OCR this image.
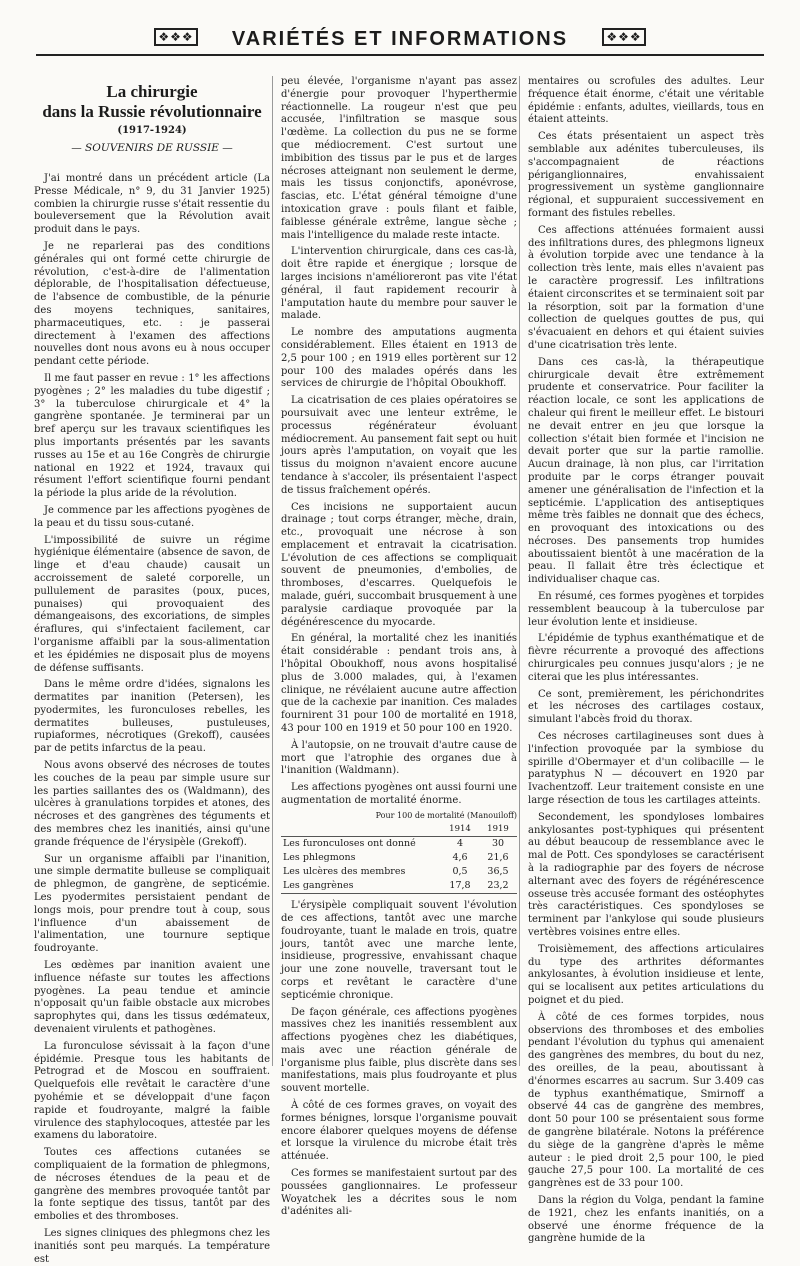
❖❖❖	VARIÉTÉS ET INFORMATIONS	❖❖❖
La chirurgie
dans la Russie révolutionnaire
(1917-1924)
— SOUVENIRS DE RUSSIE —

J'ai montré dans un précédent article (La Presse Médicale, n° 9, du 31 Janvier 1925) combien la chirurgie russe s'était ressentie du bouleversement que la Révolution avait produit dans le pays.

Je ne reparlerai pas des conditions générales qui ont formé cette chirurgie de révolution, c'est-à-dire de l'alimentation déplorable, de l'hospitalisation défectueuse, de l'absence de combustible, de la pénurie des moyens techniques, sanitaires, pharmaceutiques, etc. : je passerai directement à l'examen des affections nouvelles dont nous avons eu à nous occuper pendant cette période.

Il me faut passer en revue : 1° les affections pyogènes ; 2° les maladies du tube digestif ; 3° la tuberculose chirurgicale et 4° la gangrène spontanée. Je terminerai par un bref aperçu sur les travaux scientifiques les plus importants présentés par les savants russes au 15e et au 16e Congrès de chirurgie national en 1922 et 1924, travaux qui résument l'effort scientifique fourni pendant la période la plus aride de la révolution.

Je commence par les affections pyogènes de la peau et du tissu sous-cutané.

L'impossibilité de suivre un régime hygiénique élémentaire (absence de savon, de linge et d'eau chaude) causait un accroissement de saleté corporelle, un pullulement de parasites (poux, puces, punaises) qui provoquaient des démangeaisons, des excoriations, de simples éraflures, qui s'infectaient facilement, car l'organisme affaibli par la sous-alimentation et les épidémies ne disposait plus de moyens de défense suffisants.

Dans le même ordre d'idées, signalons les dermatites par inanition (Petersen), les pyodermites, les furonculoses rebelles, les dermatites bulleuses, pustuleuses, rupiaformes, nécrotiques (Grekoff), causées par de petits infarctus de la peau.

Nous avons observé des nécroses de toutes les couches de la peau par simple usure sur les parties saillantes des os (Waldmann), des ulcères à granulations torpides et atones, des nécroses et des gangrènes des téguments et des membres chez les inanitiés, ainsi qu'une grande fréquence de l'érysipèle (Grekoff).

Sur un organisme affaibli par l'inanition, une simple dermatite bulleuse se compliquait de phlegmon, de gangrène, de septicémie. Les pyodermites persistaient pendant de longs mois, pour prendre tout à coup, sous l'influence d'un abaissement de l'alimentation, une tournure septique foudroyante.

Les œdèmes par inanition avaient une influence néfaste sur toutes les affections pyogènes. La peau tendue et amincie n'opposait qu'un faible obstacle aux microbes saprophytes qui, dans les tissus œdémateux, devenaient virulents et pathogènes.

La furonculose sévissait à la façon d'une épidémie. Presque tous les habitants de Petrograd et de Moscou en souffraient. Quelquefois elle revêtait le caractère d'une pyohémie et se développait d'une façon rapide et foudroyante, malgré la faible virulence des staphylocoques, attestée par les examens du laboratoire.

Toutes ces affections cutanées se compliquaient de la formation de phlegmons, de nécroses étendues de la peau et de gangrène des membres provoquée tantôt par la fonte septique des tissus, tantôt par des embolies et des thromboses.

Les signes cliniques des phlegmons chez les inanitiés sont peu marqués. La température est

peu élevée, l'organisme n'ayant pas assez d'énergie pour provoquer l'hyperthermie réactionnelle. La rougeur n'est que peu accusée, l'infiltration se masque sous l'œdème. La collection du pus ne se forme que médiocrement. C'est surtout une imbibition des tissus par le pus et de larges nécroses atteignant non seulement le derme, mais les tissus conjonctifs, aponévrose, fascias, etc. L'état général témoigne d'une intoxication grave : pouls filant et faible, faiblesse générale extrême, langue sèche ; mais l'intelligence du malade reste intacte.

L'intervention chirurgicale, dans ces cas-là, doit être rapide et énergique ; lorsque de larges incisions n'amélioreront pas vite l'état général, il faut rapidement recourir à l'amputation haute du membre pour sauver le malade.

Le nombre des amputations augmenta considérablement. Elles étaient en 1913 de 2,5 pour 100 ; en 1919 elles portèrent sur 12 pour 100 des malades opérés dans les services de chirurgie de l'hôpital Oboukhoff.

La cicatrisation de ces plaies opératoires se poursuivait avec une lenteur extrême, le processus régénérateur évoluant médiocrement. Au pansement fait sept ou huit jours après l'amputation, on voyait que les tissus du moignon n'avaient encore aucune tendance à s'accoler, ils présentaient l'aspect de tissus fraîchement opérés.

Ces incisions ne supportaient aucun drainage ; tout corps étranger, mèche, drain, etc., provoquait une nécrose à son emplacement et entravait la cicatrisation. L'évolution de ces affections se compliquait souvent de pneumonies, d'embolies, de thromboses, d'escarres. Quelquefois le malade, guéri, succombait brusquement à une paralysie cardiaque provoquée par la dégénérescence du myocarde.

En général, la mortalité chez les inanitiés était considérable : pendant trois ans, à l'hôpital Oboukhoff, nous avons hospitalisé plus de 3.000 malades, qui, à l'examen clinique, ne révélaient aucune autre affection que de la cachexie par inanition. Ces malades fournirent 31 pour 100 de mortalité en 1918, 43 pour 100 en 1919 et 50 pour 100 en 1920.

À l'autopsie, on ne trouvait d'autre cause de mort que l'atrophie des organes due à l'inanition (Waldmann).

Les affections pyogènes ont aussi fourni une augmentation de mortalité énorme.

Pour 100 de mortalité (Manouiloff)
	1914	1919
Les furonculoses ont donné	4	30
Les phlegmons	4,6	21,6
Les ulcères des membres	0,5	36,5
Les gangrènes	17,8	23,2

L'érysipèle compliquait souvent l'évolution de ces affections, tantôt avec une marche foudroyante, tuant le malade en trois, quatre jours, tantôt avec une marche lente, insidieuse, progressive, envahissant chaque jour une zone nouvelle, traversant tout le corps et revêtant le caractère d'une septicémie chronique.

De façon générale, ces affections pyogènes massives chez les inanitiés ressemblent aux affections pyogènes chez les diabétiques, mais avec une réaction générale de l'organisme plus faible, plus discrète dans ses manifestations, mais plus foudroyante et plus souvent mortelle.

À côté de ces formes graves, on voyait des formes bénignes, lorsque l'organisme pouvait encore élaborer quelques moyens de défense et lorsque la virulence du microbe était très atténuée.

Ces formes se manifestaient surtout par des poussées ganglionnaires. Le professeur Woyatchek les a décrites sous le nom d'adénites ali-

mentaires ou scrofules des adultes. Leur fréquence était énorme, c'était une véritable épidémie : enfants, adultes, vieillards, tous en étaient atteints.

Ces états présentaient un aspect très semblable aux adénites tuberculeuses, ils s'accompagnaient de réactions périganglionnaires, envahissaient progressivement un système ganglionnaire régional, et suppuraient successivement en formant des fistules rebelles.

Ces affections atténuées formaient aussi des infiltrations dures, des phlegmons ligneux à évolution torpide avec une tendance à la collection très lente, mais elles n'avaient pas le caractère progressif. Les infiltrations étaient circonscrites et se terminaient soit par la résorption, soit par la formation d'une collection de quelques gouttes de pus, qui s'évacuaient en dehors et qui étaient suivies d'une cicatrisation très lente.

Dans ces cas-là, la thérapeutique chirurgicale devait être extrêmement prudente et conservatrice. Pour faciliter la réaction locale, ce sont les applications de chaleur qui firent le meilleur effet. Le bistouri ne devait entrer en jeu que lorsque la collection s'était bien formée et l'incision ne devait porter que sur la partie ramollie. Aucun drainage, là non plus, car l'irritation produite par le corps étranger pouvait amener une généralisation de l'infection et la septicémie. L'application des antiseptiques même très faibles ne donnait que des échecs, en provoquant des intoxications ou des nécroses. Des pansements trop humides aboutissaient bientôt à une macération de la peau. Il fallait être très éclectique et individualiser chaque cas.

En résumé, ces formes pyogènes et torpides ressemblent beaucoup à la tuberculose par leur évolution lente et insidieuse.

L'épidémie de typhus exanthématique et de fièvre récurrente a provoqué des affections chirurgicales peu connues jusqu'alors ; je ne citerai que les plus intéressantes.

Ce sont, premièrement, les périchondrites et les nécroses des cartilages costaux, simulant l'abcès froid du thorax.

Ces nécroses cartilagineuses sont dues à l'infection provoquée par la symbiose du spirille d'Obermayer et d'un colibacille — le paratyphus N — découvert en 1920 par Ivachentzoff. Leur traitement consiste en une large résection de tous les cartilages atteints.

Secondement, les spondyloses lombaires ankylosantes post-typhiques qui présentent au début beaucoup de ressemblance avec le mal de Pott. Ces spondyloses se caractérisent à la radiographie par des foyers de nécrose alternant avec des foyers de régénérescence osseuse très accusée formant des ostéophytes très caractéristiques. Ces spondyloses se terminent par l'ankylose qui soude plusieurs vertèbres voisines entre elles.

Troisièmement, des affections articulaires du type des arthrites déformantes ankylosantes, à évolution insidieuse et lente, qui se localisent aux petites articulations du poignet et du pied.

À côté de ces formes torpides, nous observions des thromboses et des embolies pendant l'évolution du typhus qui amenaient des gangrènes des membres, du bout du nez, des oreilles, de la peau, aboutissant à d'énormes escarres au sacrum. Sur 3.409 cas de typhus exanthématique, Smirnoff a observé 44 cas de gangrène des membres, dont 50 pour 100 se présentaient sous forme de gangrène bilatérale. Notons la préférence du siège de la gangrène d'après le même auteur : le pied droit 2,5 pour 100, le pied gauche 27,5 pour 100. La mortalité de ces gangrènes est de 33 pour 100.

Dans la région du Volga, pendant la famine de 1921, chez les enfants inanitiés, on a observé une énorme fréquence de la gangrène humide de la
